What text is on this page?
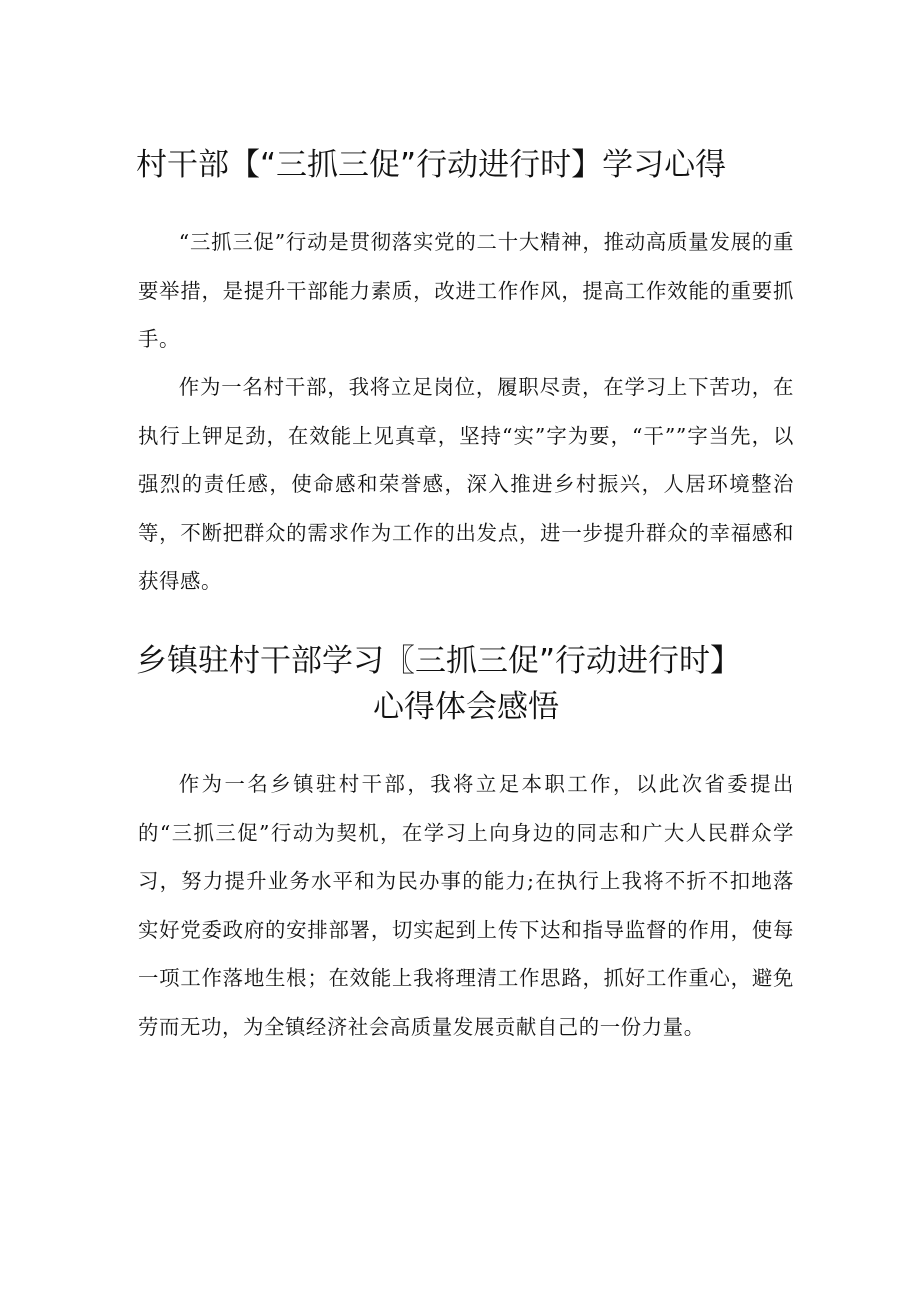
村干部【“三抓三促”行动进行时】学习心得

“三抓三促”行动是贯彻落实党的二十大精神，推动高质量发展的重要举措，是提升干部能力素质，改进工作作风，提高工作效能的重要抓手。

作为一名村干部，我将立足岗位，履职尽责，在学习上下苦功，在执行上钾足劲，在效能上见真章，坚持“实”字为要，“干””字当先，以强烈的责任感，使命感和荣誉感，深入推进乡村振兴，人居环境整治等，不断把群众的需求作为工作的出发点，进一步提升群众的幸福感和获得感。

乡镇驻村干部学习〖三抓三促”行动进行时】
心得体会感悟

作为一名乡镇驻村干部，我将立足本职工作，以此次省委提出的“三抓三促”行动为契机，在学习上向身边的同志和广大人民群众学习，努力提升业务水平和为民办事的能力;在执行上我将不折不扣地落实好党委政府的安排部署，切实起到上传下达和指导监督的作用，使每一项工作落地生根；在效能上我将理清工作思路，抓好工作重心，避免劳而无功，为全镇经济社会高质量发展贡献自己的一份力量。
